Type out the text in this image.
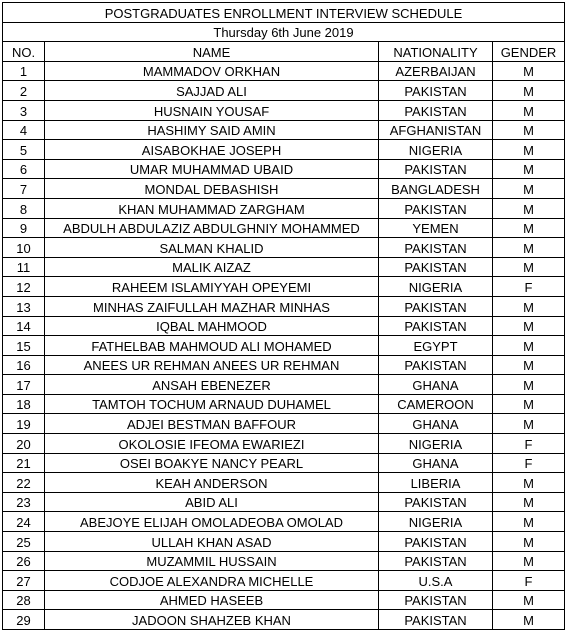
POSTGRADUATES ENROLLMENT INTERVIEW SCHEDULE			
Thursday 6th June 2019			
NO.	NAME	NATIONALITY	GENDER
1	MAMMADOV ORKHAN	AZERBAIJAN	M
2	SAJJAD ALI	PAKISTAN	M
3	HUSNAIN YOUSAF	PAKISTAN	M
4	HASHIMY SAID AMIN	AFGHANISTAN	M
5	AISABOKHAE JOSEPH	NIGERIA	M
6	UMAR MUHAMMAD UBAID	PAKISTAN	M
7	MONDAL DEBASHISH	BANGLADESH	M
8	KHAN MUHAMMAD ZARGHAM	PAKISTAN	M
9	ABDULH ABDULAZIZ ABDULGHNIY MOHAMMED	YEMEN	M
10	SALMAN KHALID	PAKISTAN	M
11	MALIK AIZAZ	PAKISTAN	M
12	RAHEEM ISLAMIYYAH OPEYEMI	NIGERIA	F
13	MINHAS ZAIFULLAH MAZHAR MINHAS	PAKISTAN	M
14	IQBAL MAHMOOD	PAKISTAN	M
15	FATHELBAB MAHMOUD ALI MOHAMED	EGYPT	M
16	ANEES UR REHMAN ANEES UR REHMAN	PAKISTAN	M
17	ANSAH EBENEZER	GHANA	M
18	TAMTOH TOCHUM ARNAUD DUHAMEL	CAMEROON	M
19	ADJEI BESTMAN BAFFOUR	GHANA	M
20	OKOLOSIE IFEOMA EWARIEZI	NIGERIA	F
21	OSEI BOAKYE NANCY PEARL	GHANA	F
22	KEAH ANDERSON	LIBERIA	M
23	ABID ALI	PAKISTAN	M
24	ABEJOYE ELIJAH OMOLADEOBA OMOLAD	NIGERIA	M
25	ULLAH KHAN ASAD	PAKISTAN	M
26	MUZAMMIL HUSSAIN	PAKISTAN	M
27	CODJOE ALEXANDRA MICHELLE	U.S.A	F
28	AHMED HASEEB	PAKISTAN	M
29	JADOON SHAHZEB KHAN	PAKISTAN	M
